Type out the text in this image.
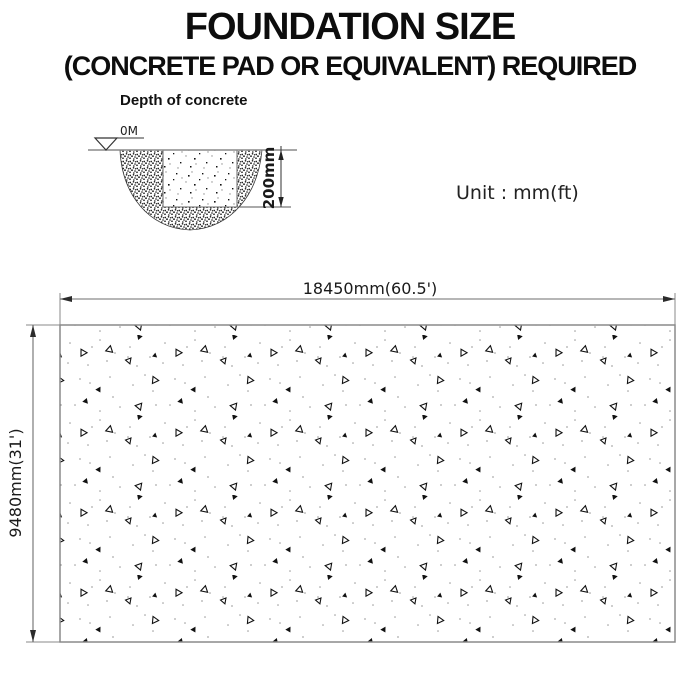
FOUNDATION SIZE
(CONCRETE PAD OR EQUIVALENT) REQUIRED
Depth of concrete
Unit : mm(ft)
0M
200mm
18450mm(60.5')
9480mm(31')
